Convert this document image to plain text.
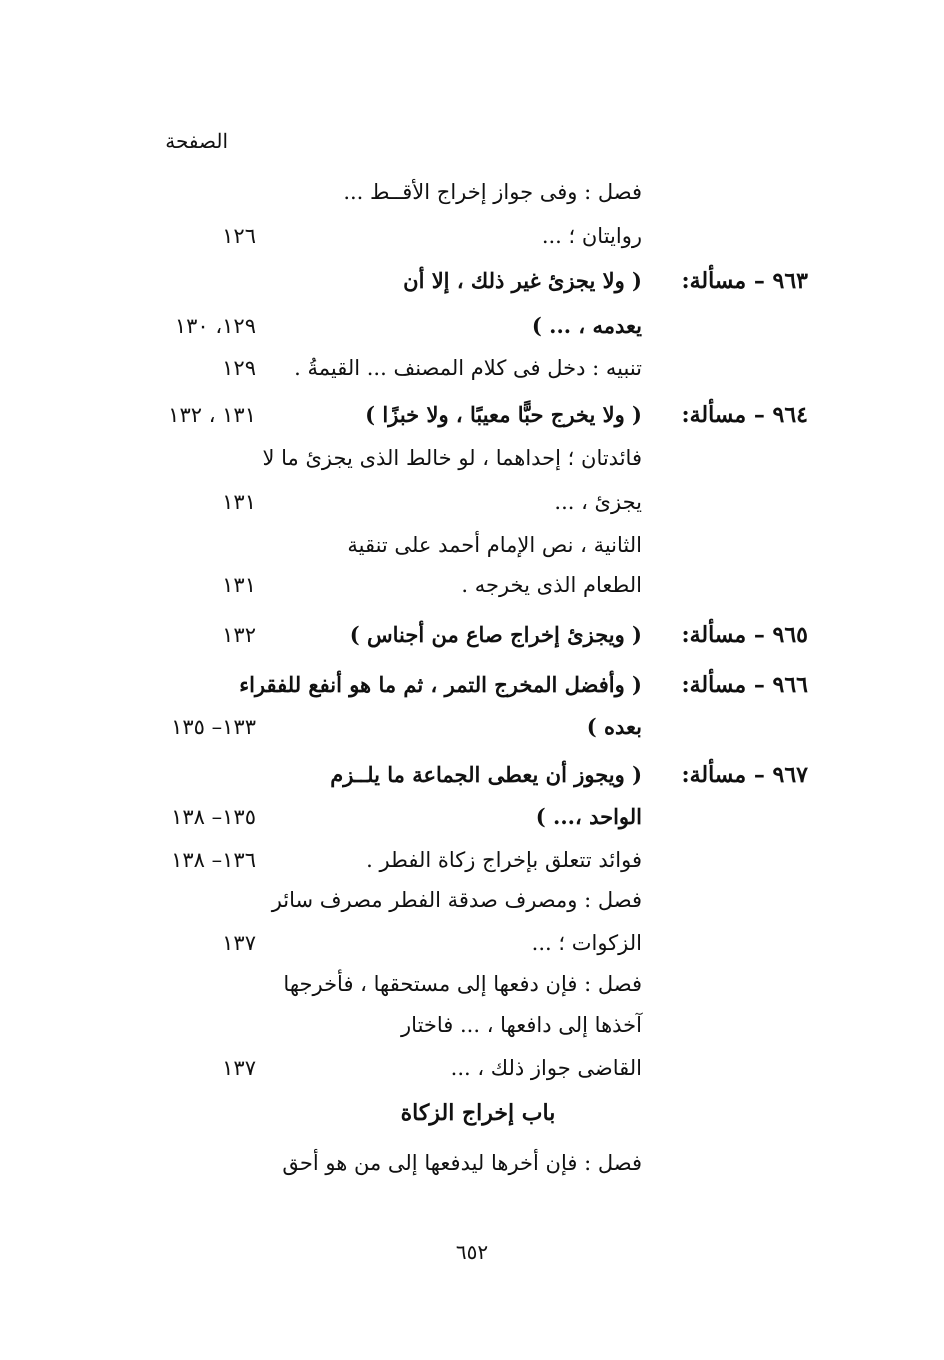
الصفحة
فصل : وفى جواز إخراج الأقــط ...
روايتان ؛ ...
١٢٦
٩٦٣ – مسألة:
( ولا يجزئ غير ذلك ، إلا أن
يعدمه ، ... )
١٢٩، ١٣٠
تنبيه : دخل فى كلام المصنف ... القيمةُ .
١٢٩
٩٦٤ – مسألة:
( ولا يخرج حبًّا معيبًا ، ولا خبزًا )
١٣١ ، ١٣٢
فائدتان ؛ إحداهما ، لو خالط الذى يجزئ ما لا
يجزئ ، ...
١٣١
الثانية ، نص الإمام أحمد على تنقية
الطعام الذى يخرجه .
١٣١
٩٦٥ – مسألة:
( ويجزئ إخراج صاع من أجناس )
١٣٢
٩٦٦ – مسألة:
( وأفضل المخرج التمر ، ثم ما هو أنفع للفقراء
بعده )
١٣٣– ١٣٥
٩٦٧ – مسألة:
( ويجوز أن يعطى الجماعة ما يلــزم
الواحد ،... )
١٣٥– ١٣٨
فوائد تتعلق بإخراج زكاة الفطر .
١٣٦– ١٣٨
فصل : ومصرف صدقة الفطر مصرف سائر
الزكوات ؛ ...
١٣٧
فصل : فإن دفعها إلى مستحقها ، فأخرجها
آخذها إلى دافعها ، ... فاختار
القاضى جواز ذلك ، ...
١٣٧
باب إخراج الزكاة
فصل : فإن أخرها ليدفعها إلى من هو أحق
٦٥٢
